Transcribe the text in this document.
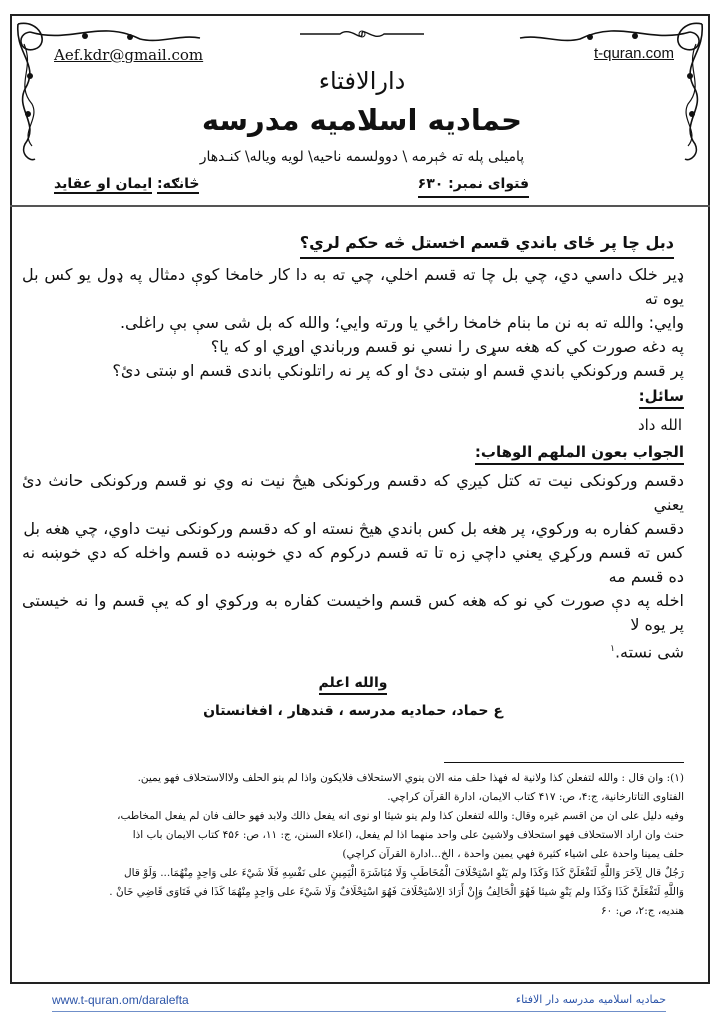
Aef.kdr@gmail.com	t-quran.com
دارالافتاء
حمادیه اسلامیه مدرسه
پامیلی پله ته څېرمه \ دوولسمه ناحیه\ لویه ویاله\ کنـدهار
فتوای نمبر: ۶۳۰
څانګه: ایمان او عقاید
دبل چا پر ځای باندي قسم اخستل څه حکم لري؟
ډیر خلک داسي دي، چي بل چا ته قسم اخلي، چي ته به دا کار خامخا کوې دمثال په ډول یو کس بل یوه ته
وایي: والله ته به نن ما بنام خامخا راځي یا ورته وایي؛ والله که بل شی سې بې راغلی.
په دغه صورت کي که هغه سړی را نسي نو قسم ورباندي اوړي او که یا؟
پر قسم ورکونکي باندي قسم او ښتی دئ او که پر نه راتلونکي باندی قسم او ښتی دئ؟
سائل:
الله داد
الجواب بعون الملهم الوهاب:
دقسم ورکونکی نیت ته کتل کیږي که دقسم ورکونکی هیڅ نیت نه وي نو قسم ورکونکی حانث دئ یعني
دقسم کفاره به ورکوي، پر هغه بل کس باندي هیڅ نسته او که دقسم ورکونکی نیت داوي، چي هغه بل
کس ته قسم ورکړي یعني داچي زه تا ته قسم درکوم که دي خوښه ده قسم واخله که دي خوښه نه ده قسم مه
اخله په دې صورت کي نو که هغه کس قسم واخیست کفاره به ورکوي او که یې قسم وا نه خیستی پر یوه لا
شی نسته.$^۱$
والله اعلم
ع حماد، حمادیه مدرسه ، قندهار ، افغانستان

(۱): وان قال : والله لتفعلن كذا ولانية له فهذا حلف منه الان ينوي الاستحلاف فلايكون واذا لم ينو الحلف ولاالاستحلاف فهو يمين.

الفتاوى التاتارخانية، ج:۴، ص: ۴۱۷ كتاب الايمان، ادارة القرآن كراچي.

وفيه دليل على ان من اقسم غيره وقال: والله لتفعلن كذا ولم ينو شيئا او نوى انه يفعل ذالك ولابد فهو حالف فان لم يفعل المخاطب،

حنث وان اراد الاستحلاف فهو استحلاف ولاشيئ على واحد منهما اذا لم يفعل، (اعلاء السنن، ج: ۱۱، ص: ۴۵۶ كتاب الايمان باب اذا

حلف يمينا واحدة على اشياء كثيرة فهي يمين واحدة ، الخ...ادارة القرآن كراچي)

رَجُلٌ قال لِآخَرَ وَاللَّهِ لَتَفْعَلَنَّ كَذَا وَكَذَا ولم يَنْوِ اسْتِحْلَافَ الْمُخَاطَبِ وَلَا مُبَاشَرَةَ الْيَمِينِ على نَفْسِهِ فَلَا شَيْءَ على وَاحِدٍ مِنْهُمَا... وَلَوْ قال

وَاللَّهِ لَتَفْعَلَنَّ كَذَا وَكَذَا ولم يَنْوِ شيئا فَهُوَ الْحَالِفُ وَإِنْ أَرَادَ الِاسْتِحْلَافَ فَهُوَ اسْتِحْلَافٌ وَلَا شَيْءَ على وَاحِدٍ مِنْهُمَا كَذَا في فَتَاوَى قَاضِي خَانْ .

هنديه، ج:۲، ص: ۶۰

www.t-quran.om/daralefta	حمادیه اسلامیه مدرسه دار الافتاء
